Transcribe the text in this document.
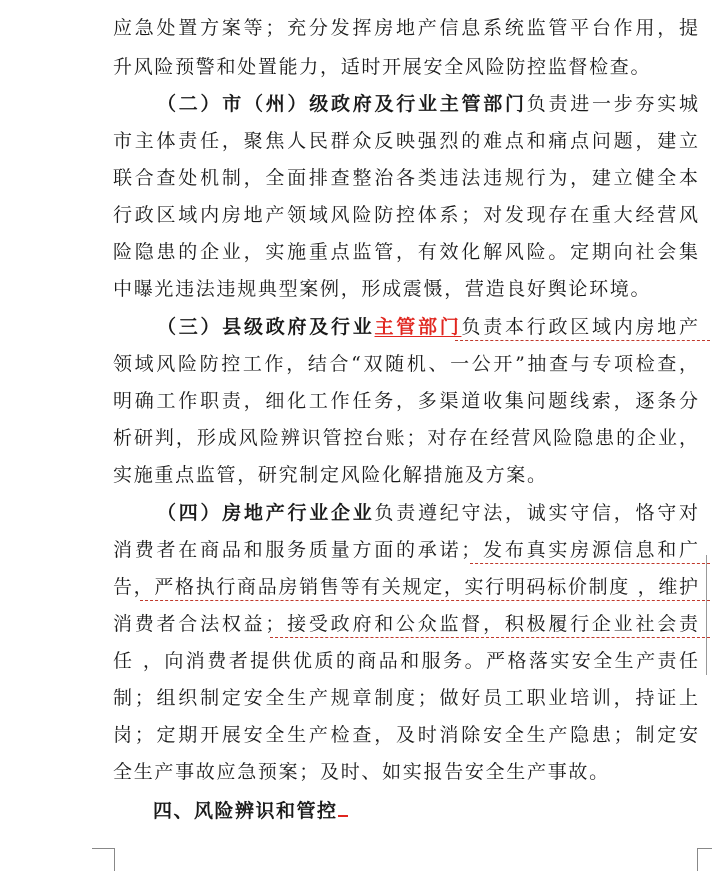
应急处置方案等；充分发挥房地产信息系统监管平台作用，提
升风险预警和处置能力，适时开展安全风险防控监督检查。
（二）市（州）级政府及行业主管部门负责进一步夯实城
市主体责任，聚焦人民群众反映强烈的难点和痛点问题，建立
联合查处机制，全面排查整治各类违法违规行为，建立健全本
行政区域内房地产领域风险防控体系；对发现存在重大经营风
险隐患的企业，实施重点监管，有效化解风险。定期向社会集
中曝光违法违规典型案例，形成震慑，营造良好舆论环境。
（三）县级政府及行业主管部门负责本行政区域内房地产
领域风险防控工作，结合“双随机、一公开”抽查与专项检查，
明确工作职责，细化工作任务，多渠道收集问题线索，逐条分
析研判，形成风险辨识管控台账；对存在经营风险隐患的企业，
实施重点监管，研究制定风险化解措施及方案。
（四）房地产行业企业负责遵纪守法，诚实守信，恪守对
消费者在商品和服务质量方面的承诺；发布真实房源信息和广
告，严格执行商品房销售等有关规定，实行明码标价制度 ，维护
消费者合法权益；接受政府和公众监督，积极履行企业社会责
任 ，向消费者提供优质的商品和服务。严格落实安全生产责任
制；组织制定安全生产规章制度；做好员工职业培训，持证上
岗；定期开展安全生产检查，及时消除安全生产隐患；制定安
全生产事故应急预案；及时、如实报告安全生产事故。
四、风险辨识和管控
